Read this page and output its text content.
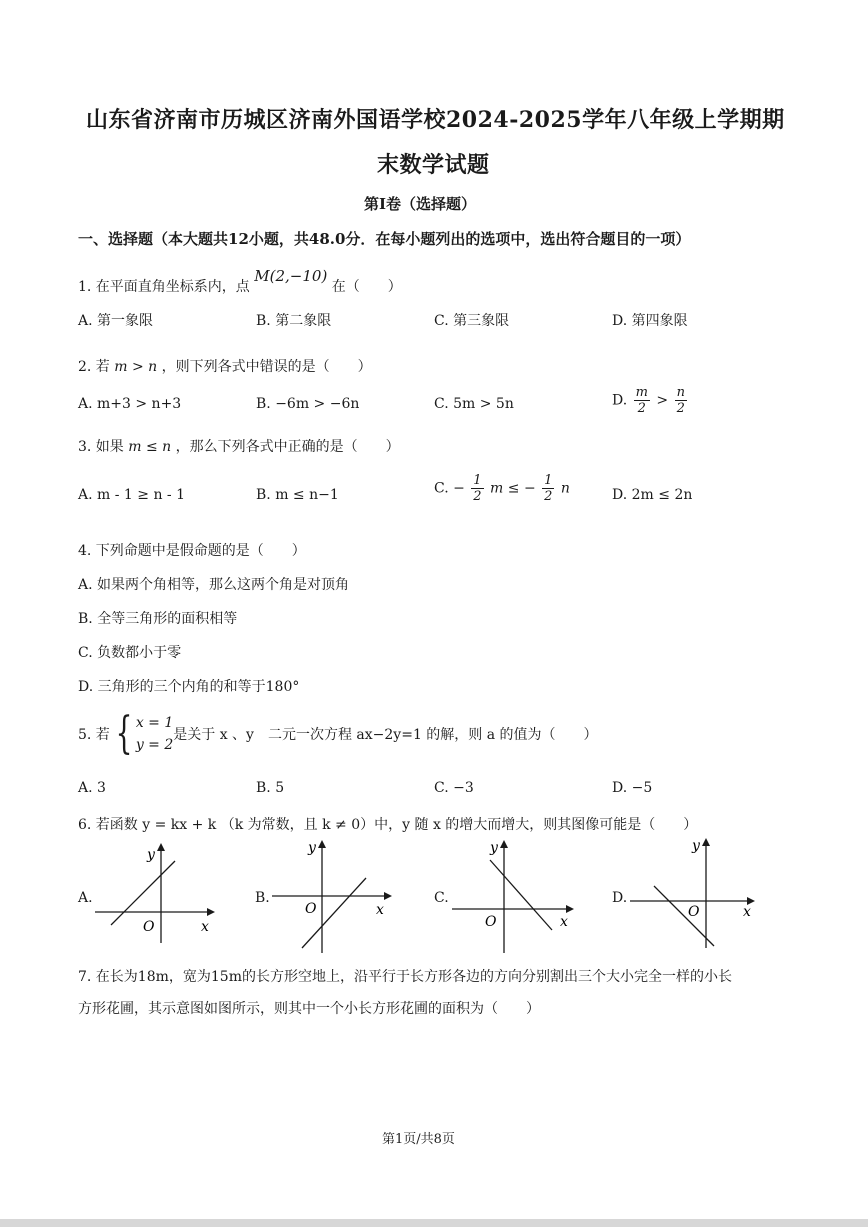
山东省济南市历城区济南外国语学校2024-2025学年八年级上学期期
末数学试题
第I卷（选择题）
一、选择题（本大题共12小题，共48.0分．在每小题列出的选项中，选出符合题目的一项）
1. 在平面直角坐标系内，点 M(2,−10) 在（　　）
A. 第一象限	B. 第二象限	C. 第三象限	D. 第四象限
2. 若 m > n ，则下列各式中错误的是（　　）
A. m+3 > n+3	B. −6m > −6n	C. 5m > 5n	D. $\frac{m}{2} > \frac{n}{2}$
3. 如果 m ≤ n ，那么下列各式中正确的是（　　）
A. m - 1 ≥ n - 1	B. m ≤ n−1	C. − $\frac{1}{2}$ m ≤ − $\frac{1}{2}$ n	D. 2m ≤ 2n
4. 下列命题中是假命题的是（　　）
A. 如果两个角相等，那么这两个角是对顶角
B. 全等三角形的面积相等
C. 负数都小于零
D. 三角形的三个内角的和等于180°
5. 若 { x = 1
y = 2
是关于 x 、y　二元一次方程 ax−2y=1 的解，则 a 的值为（　　）
A. 3	B. 5	C. −3	D. −5
6. 若函数 y = kx + k （k 为常数，且 k ≠ 0）中，y 随 x 的增大而增大，则其图像可能是（　　）
A.
y
x
O
B.
y
x
O
C.
y
x
O
D.
y
x
O
7. 在长为18m，宽为15m的长方形空地上，沿平行于长方形各边的方向分别割出三个大小完全一样的小长
方形花圃，其示意图如图所示，则其中一个小长方形花圃的面积为（　　）
第1页/共8页
